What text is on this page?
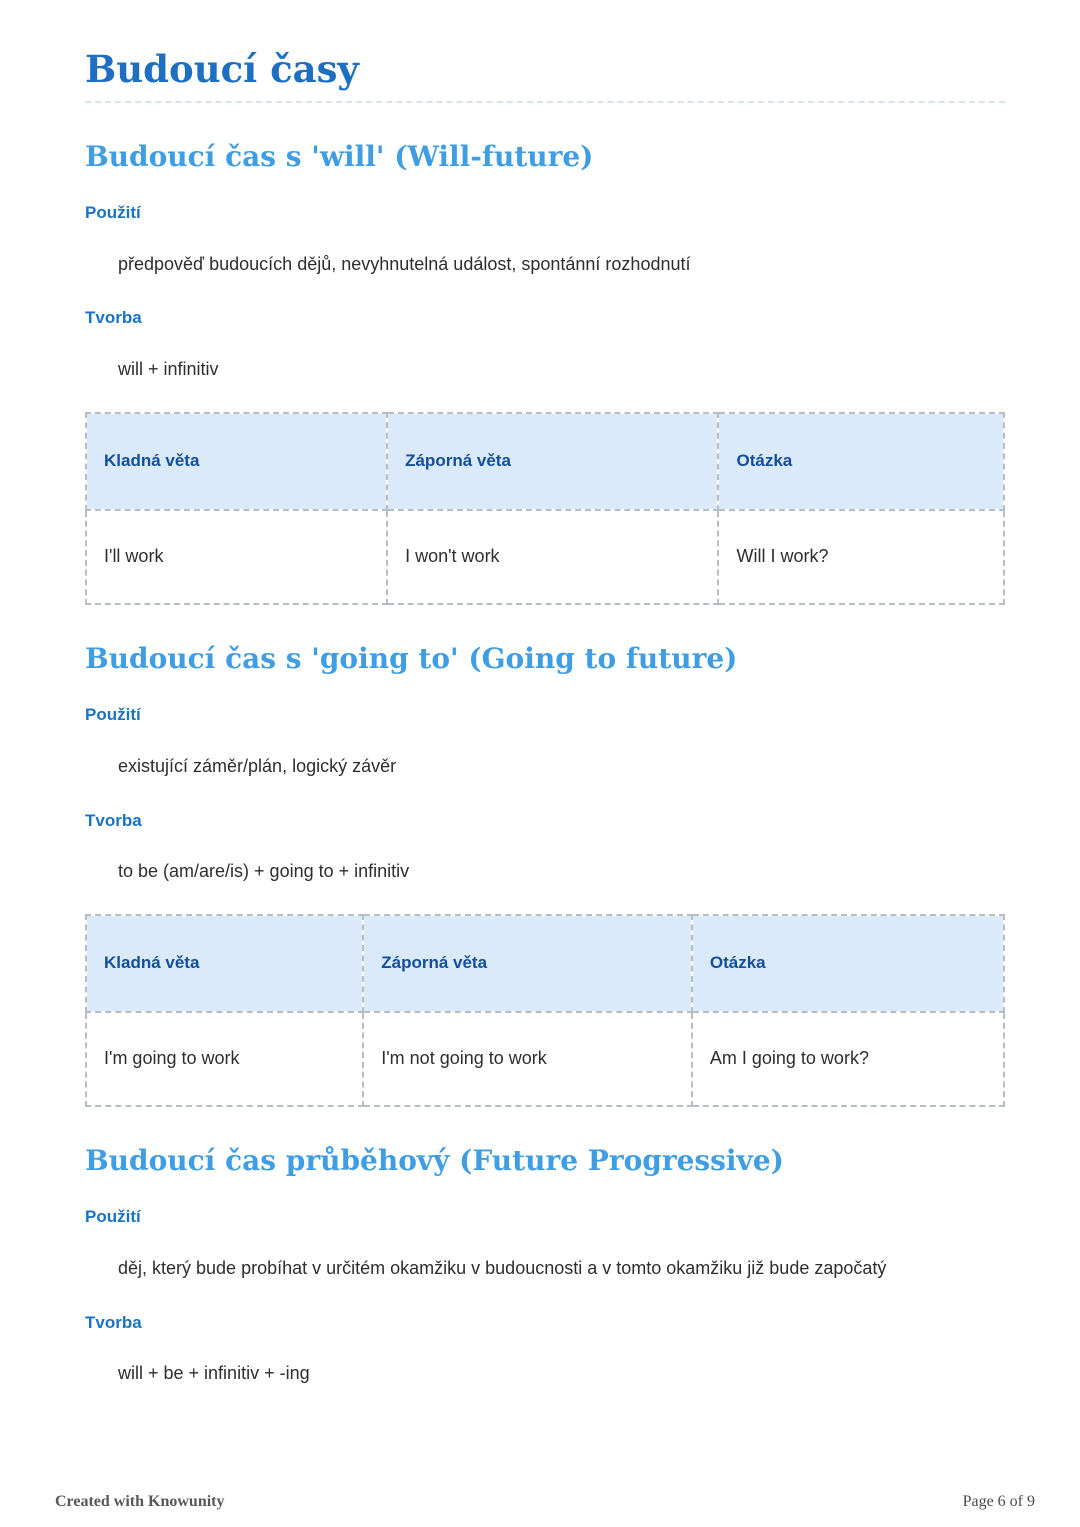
Budoucí časy
Budoucí čas s 'will' (Will-future)
Použití

předpověď budoucích dějů, nevyhnutelná událost, spontánní rozhodnutí

Tvorba

will + infinitiv

Kladná věta	Záporná věta	Otázka
I'll work	I won't work	Will I work?
Budoucí čas s 'going to' (Going to future)
Použití

existující záměr/plán, logický závěr

Tvorba

to be (am/are/is) + going to + infinitiv

Kladná věta	Záporná věta	Otázka
I'm going to work	I'm not going to work	Am I going to work?
Budoucí čas průběhový (Future Progressive)
Použití

děj, který bude probíhat v určitém okamžiku v budoucnosti a v tomto okamžiku již bude započatý

Tvorba

will + be + infinitiv + -ing

Created with Knowunity	Page 6 of 9
